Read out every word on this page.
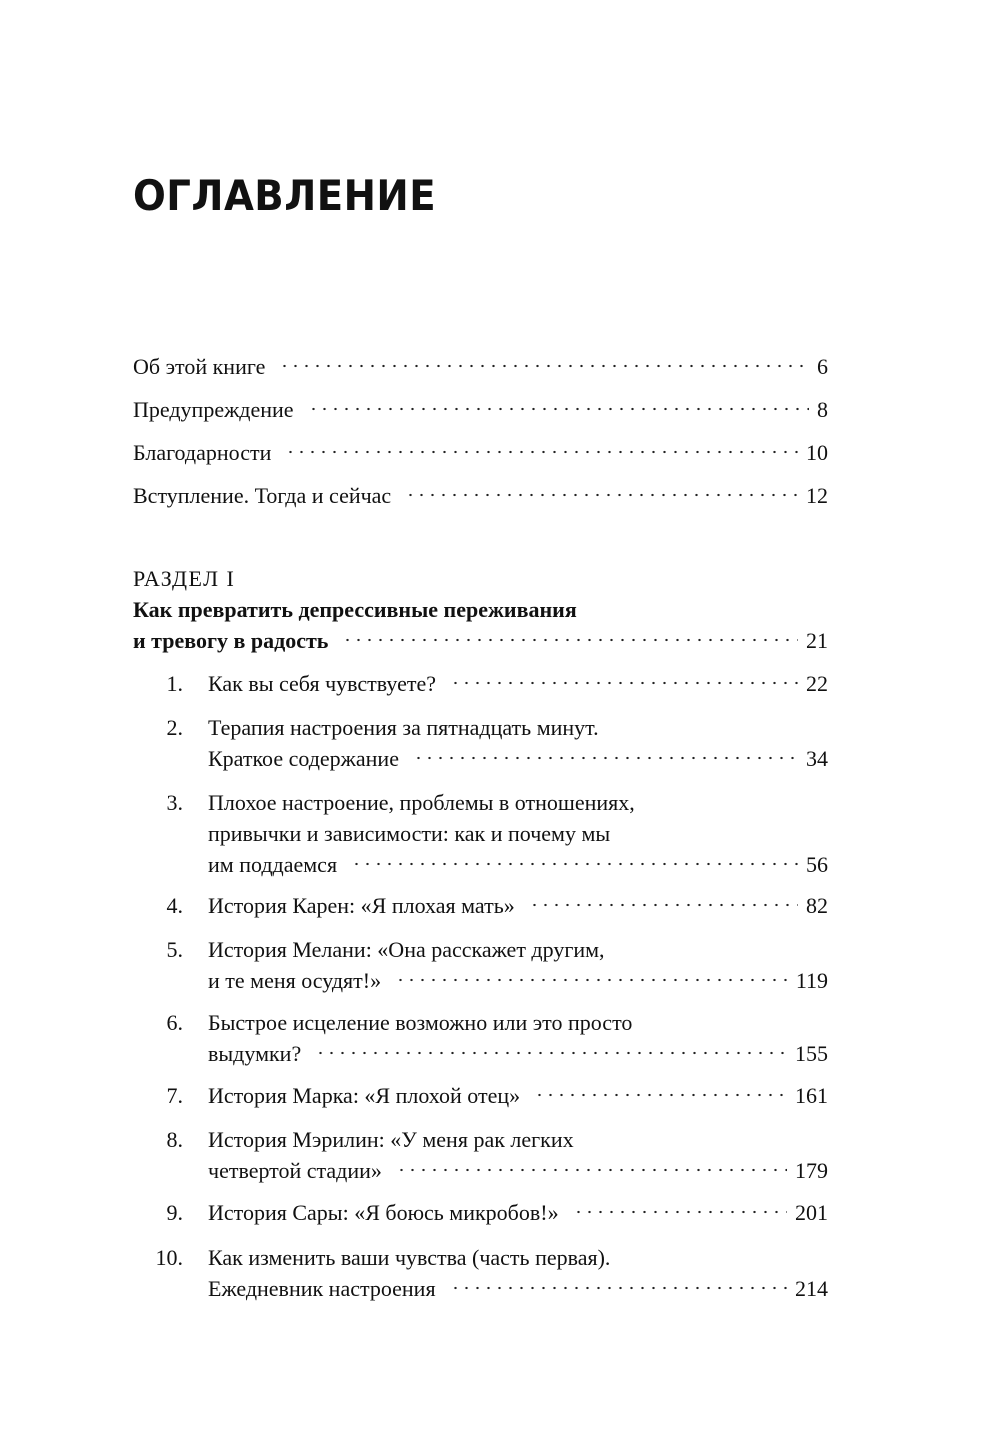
ОГЛАВЛЕНИЕ
Об этой книге	6
Предупреждение	8
Благодарности	10
Вступление. Тогда и сейчас	12
РАЗДЕЛ I
Как превратить депрессивные переживания
и тревогу в радость	21
1. Как вы себя чувствуете?	22
2. Терапия настроения за пятнадцать минут.
Краткое содержание	34
3. Плохое настроение, проблемы в отношениях,
привычки и зависимости: как и почему мы
им поддаемся	56
4. История Карен: «Я плохая мать»	82
5. История Мелани: «Она расскажет другим,
и те меня осудят!»	119
6. Быстрое исцеление возможно или это просто
выдумки?	155
7. История Марка: «Я плохой отец»	161
8. История Мэрилин: «У меня рак легких
четвертой стадии»	179
9. История Сары: «Я боюсь микробов!»	201
10. Как изменить ваши чувства (часть первая).
Ежедневник настроения	214
